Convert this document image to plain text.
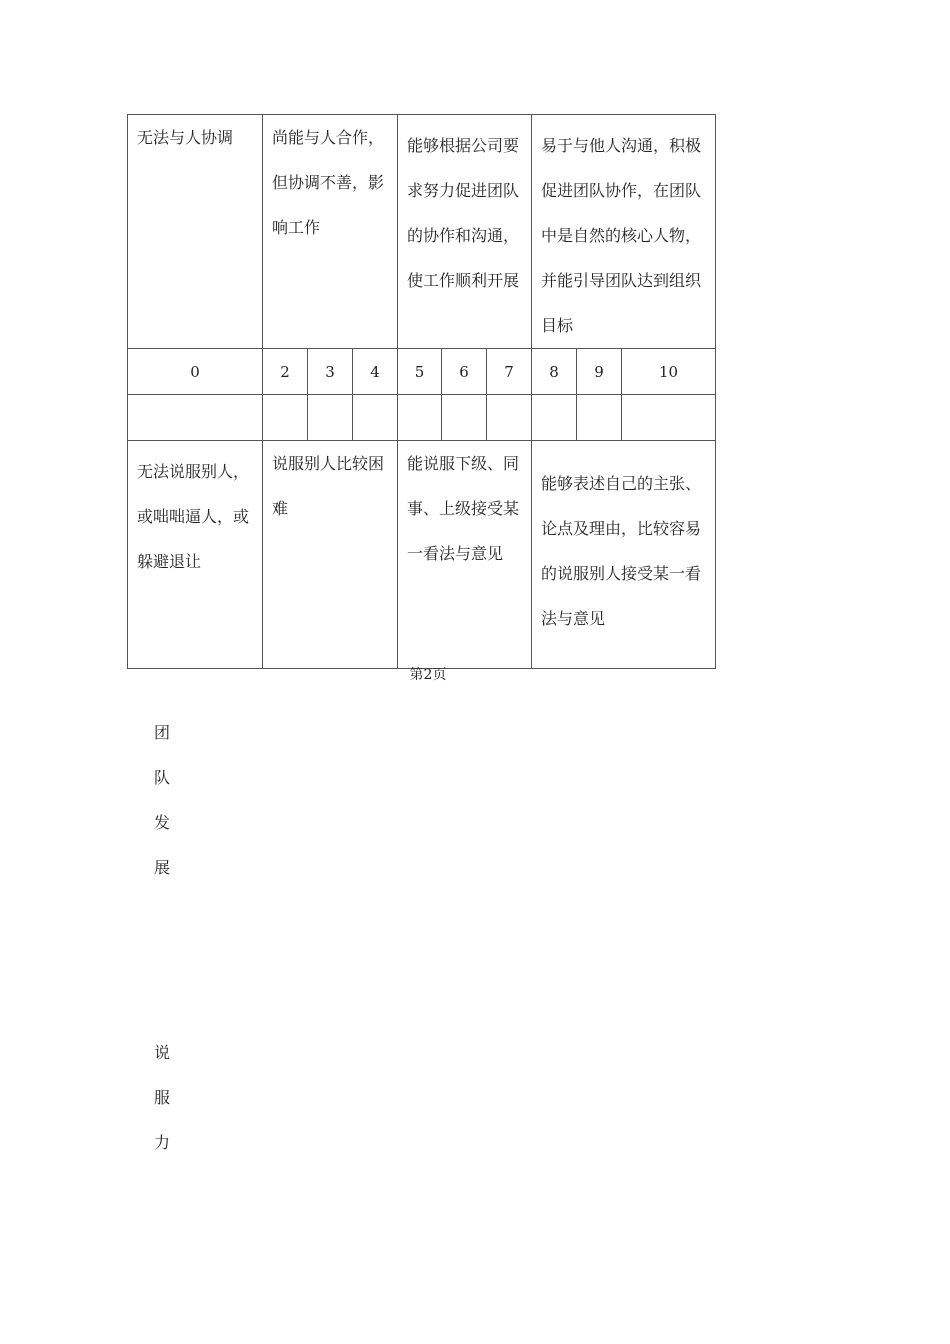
无法与人协调	尚能与人合作，但协调不善，影响工作			能够根据公司要求努力促进团队的协作和沟通，使工作顺利开展			易于与他人沟通，积极促进团队协作，在团队中是自然的核心人物，并能引导团队达到组织目标		

0	2	3	4	5	6	7	8	9	10

无法说服别人，或咄咄逼人，或躲避退让	说服别人比较困难			能说服下级、同事、上级接受某一看法与意见			能够表述自己的主张、论点及理由，比较容易的说服别人接受某一看法与意见		
第2页
团
队
发
展
说
服
力
